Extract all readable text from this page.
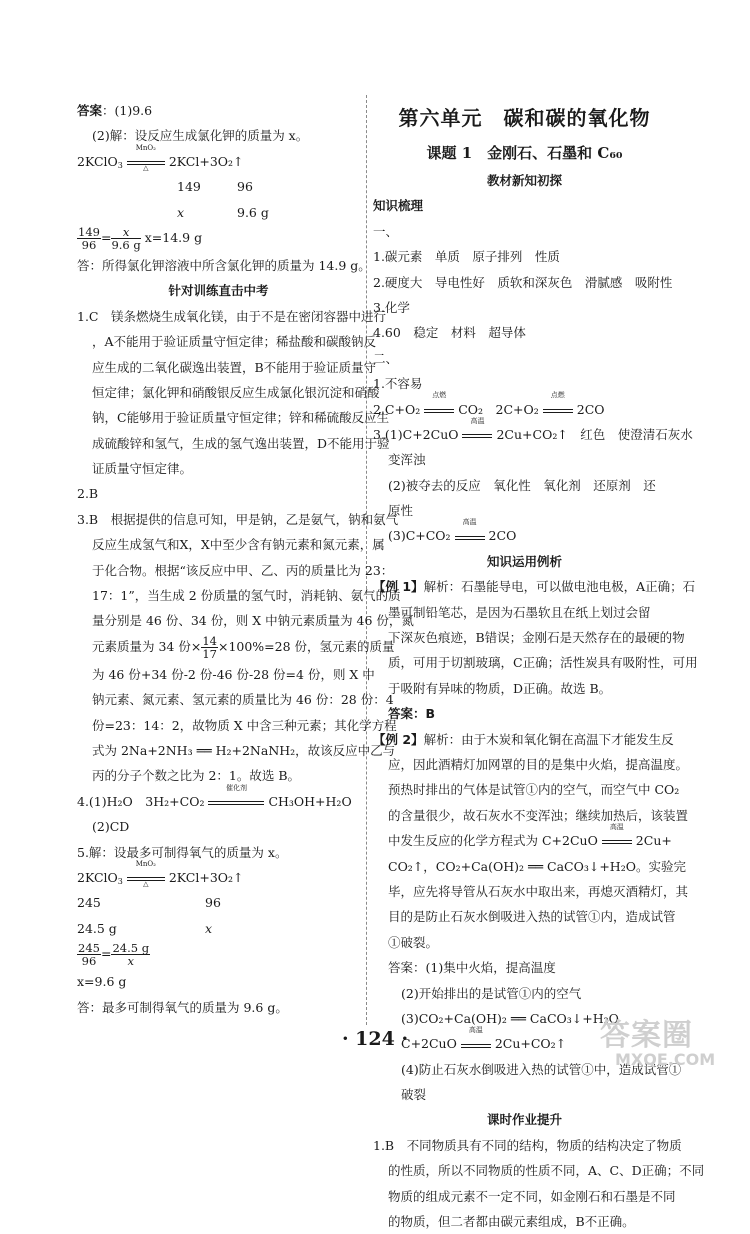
答案：(1)9.6
(2)解：设反应生成氯化钾的质量为 x。
2KClO$_3$
MnO₂
△	2KCl+3O₂↑
149	96
x	9.6 g
$\frac{149}{96} = \frac{x}{9.6 g} x=14.9$ g
答：所得氯化钾溶液中所含氯化钾的质量为 14.9 g。
针对训练直击中考
1.C　镁条燃烧生成氧化镁，由于不是在密闭容器中进行
，A不能用于验证质量守恒定律；稀盐酸和碳酸钠反
应生成的二氧化碳逸出装置，B不能用于验证质量守
恒定律；氯化钾和硝酸银反应生成氯化银沉淀和硝酸
钠，C能够用于验证质量守恒定律；锌和稀硫酸反应生
成硫酸锌和氢气，生成的氢气逸出装置，D不能用于验
证质量守恒定律。
2.B
3.B　根据提供的信息可知，甲是钠，乙是氨气，钠和氨气
反应生成氢气和X，X中至少含有钠元素和氮元素，属
于化合物。根据“该反应中甲、乙、丙的质量比为 23：
17：1”，当生成 2 份质量的氢气时，消耗钠、氨气的质
量分别是 46 份、34 份，则 X 中钠元素质量为 46 份，氮
元素质量为 34 份× $\frac{14}{17} \times 100\%=28$ 份，氢元素的质量
为 46 份+34 份-2 份-46 份-28 份=4 份，则 X 中
钠元素、氮元素、氢元素的质量比为 46 份：28 份：4
份=23：14：2，故物质 X 中含三种元素；其化学方程
式为 2Na+2NH₃ ══ H₂+2NaNH₂，故该反应中乙与
丙的分子个数之比为 2：1。故选 B。
4.(1)H₂O　3H₂+CO₂
催化剂
CH₃OH+H₂O
(2)CD
5.解：设最多可制得氧气的质量为 x。
2KClO$_3$
MnO₂
△	2KCl+3O₂↑
245	96
24.5 g	x
$\frac{245}{96} = \frac{24.5 g}{x}$
x=9.6 g
答：最多可制得氧气的质量为 9.6 g。
第六单元　碳和碳的氧化物
课题 1　金刚石、石墨和 C₆₀
教材新知初探
知识梳理
一、
1.碳元素　单质　原子排列　性质
2.硬度大　导电性好　质软和深灰色　滑腻感　吸附性
3.化学
4.60　稳定　材料　超导体
二、
1.不容易
2.C+O₂
点燃
CO₂　2C+O₂
点燃
2CO
3.(1)C+2CuO
高温
2Cu+CO₂↑　红色　使澄清石灰水
变浑浊
(2)被夺去的反应　氧化性　氧化剂　还原剂　还
原性
(3)C+CO₂
高温
2CO
知识运用例析
【例 1】解析：石墨能导电，可以做电池电极，A正确；石
墨可制铅笔芯，是因为石墨软且在纸上划过会留
下深灰色痕迹，B错误；金刚石是天然存在的最硬的物
质，可用于切割玻璃，C正确；活性炭具有吸附性，可用
于吸附有异味的物质，D正确。故选 B。
答案：B
【例 2】解析：由于木炭和氧化铜在高温下才能发生反
应，因此酒精灯加网罩的目的是集中火焰，提高温度。
预热时排出的气体是试管①内的空气，而空气中 CO₂
的含量很少，故石灰水不变浑浊；继续加热后，该装置
中发生反应的化学方程式为 C+2CuO
高温
2Cu+
CO₂↑，CO₂+Ca(OH)₂ ══ CaCO₃↓+H₂O。实验完
毕，应先将导管从石灰水中取出来，再熄灭酒精灯，其
目的是防止石灰水倒吸进入热的试管①内，造成试管
①破裂。
答案：(1)集中火焰，提高温度
(2)开始排出的是试管①内的空气
(3)CO₂+Ca(OH)₂ ══ CaCO₃↓+H₂O
C+2CuO
高温
2Cu+CO₂↑
(4)防止石灰水倒吸进入热的试管①中，造成试管①
破裂
课时作业提升
1.B　不同物质具有不同的结构，物质的结构决定了物质
的性质，所以不同物质的性质不同，A、C、D正确；不同
物质的组成元素不一定不同，如金刚石和石墨是不同
的物质，但二者都由碳元素组成，B不正确。
· 124 ·	答案圈
MXQE.COM
